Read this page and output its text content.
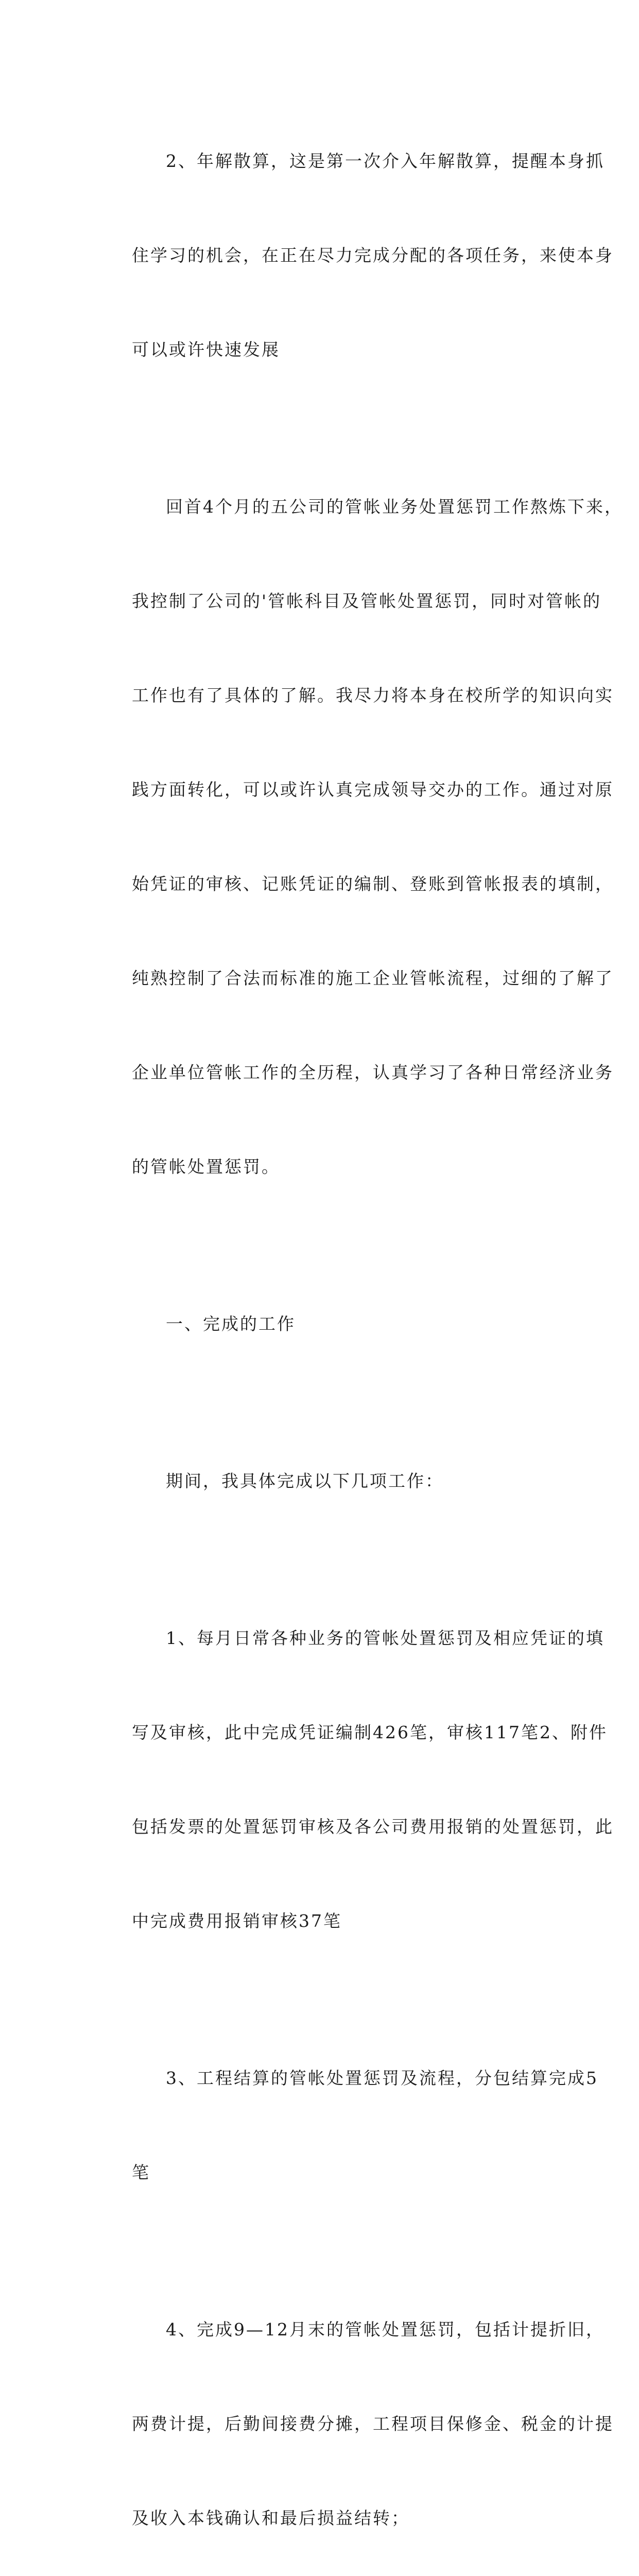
2、年解散算，这是第一次介入年解散算，提醒本身抓

住学习的机会，在正在尽力完成分配的各项任务，来使本身

可以或许快速发展

回首4个月的五公司的管帐业务处置惩罚工作熬炼下来，

我控制了公司的'管帐科目及管帐处置惩罚，同时对管帐的

工作也有了具体的了解。我尽力将本身在校所学的知识向实

践方面转化，可以或许认真完成领导交办的工作。通过对原

始凭证的审核、记账凭证的编制、登账到管帐报表的填制，

纯熟控制了合法而标准的施工企业管帐流程，过细的了解了

企业单位管帐工作的全历程，认真学习了各种日常经济业务

的管帐处置惩罚。

一、完成的工作

期间，我具体完成以下几项工作：

1、每月日常各种业务的管帐处置惩罚及相应凭证的填

写及审核，此中完成凭证编制426笔，审核117笔2、附件

包括发票的处置惩罚审核及各公司费用报销的处置惩罚，此

中完成费用报销审核37笔

3、工程结算的管帐处置惩罚及流程，分包结算完成5

笔

4、完成9—12月末的管帐处置惩罚，包括计提折旧，

两费计提，后勤间接费分摊，工程项目保修金、税金的计提

及收入本钱确认和最后损益结转；
